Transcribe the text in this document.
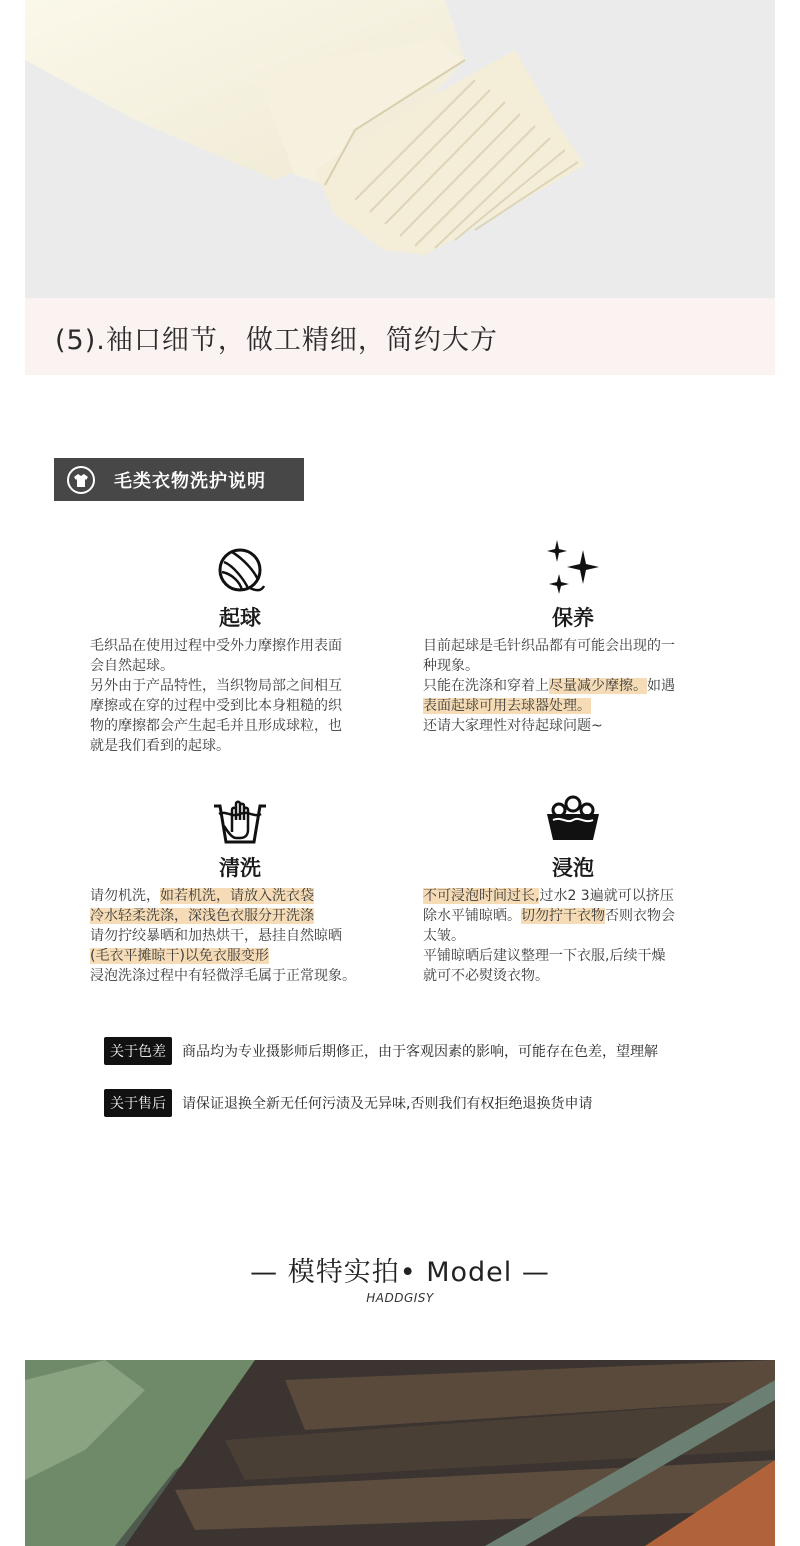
(5).袖口细节，做工精细，简约大方
毛类衣物洗护说明
起球
毛织品在使用过程中受外力摩擦作用表面
会自然起球。
另外由于产品特性，当织物局部之间相互
摩擦或在穿的过程中受到比本身粗糙的织
物的摩擦都会产生起毛并且形成球粒，也
就是我们看到的起球。
保养
目前起球是毛针织品都有可能会出现的一
种现象。
只能在洗涤和穿着上尽量减少摩擦。如遇
表面起球可用去球器处理。
还请大家理性对待起球问题~
清洗
请勿机洗，如若机洗，请放入洗衣袋
冷水轻柔洗涤，深浅色衣服分开洗涤
请勿拧绞暴晒和加热烘干，悬挂自然晾晒
(毛衣平摊晾干)以免衣服变形
浸泡洗涤过程中有轻微浮毛属于正常现象。
浸泡
不可浸泡时间过长,过水2 3遍就可以挤压
除水平铺晾晒。切勿拧干衣物否则衣物会
太皱。
平铺晾晒后建议整理一下衣服,后续干燥
就可不必熨烫衣物。
关于色差	商品均为专业摄影师后期修正，由于客观因素的影响，可能存在色差，望理解
关于售后	请保证退换全新无任何污渍及无异味,否则我们有权拒绝退换货申请
— 模特实拍• Model —
HADDGISY
